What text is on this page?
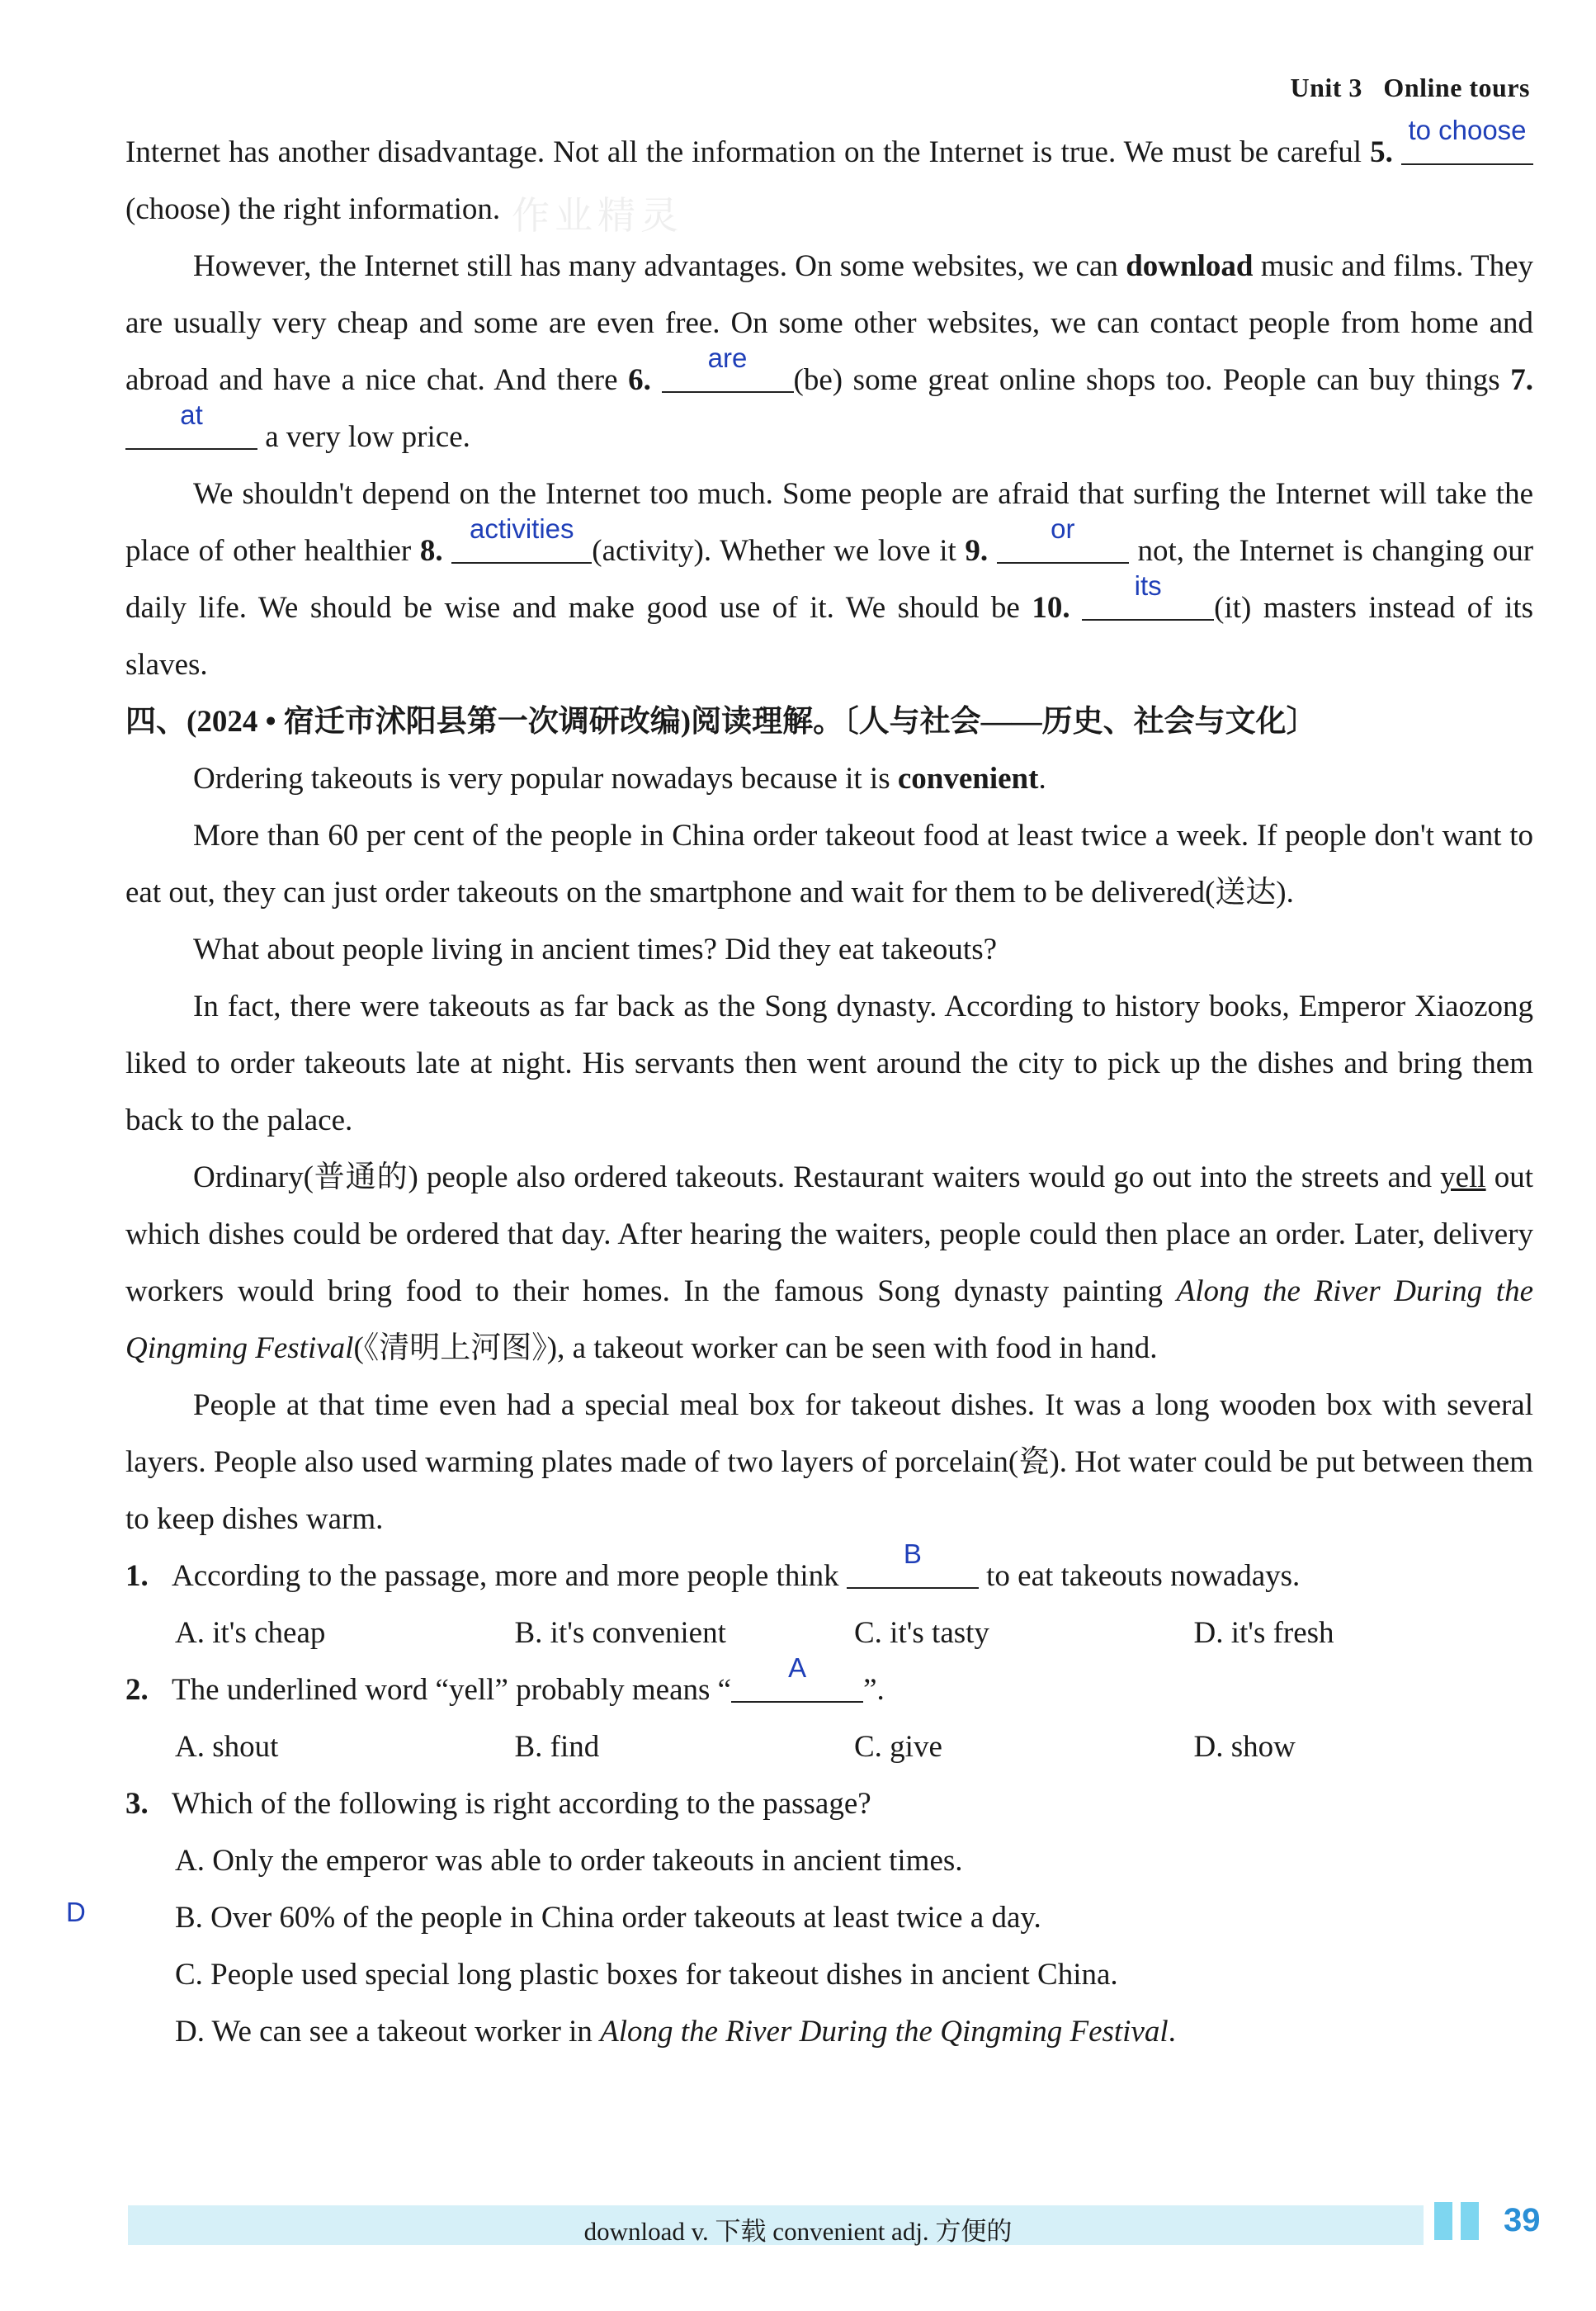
Unit 3 Online tours
作业精灵

Internet has another disadvantage. Not all the information on the Internet is true. We must be careful 5.
to choose
(choose) the right information.

However, the Internet still has many advantages. On some websites, we can download music and films. They are usually very cheap and some are even free. On some other websites, we can contact people from home and abroad and have a nice chat. And there 6.
are
(be) some great online shops too. People can buy things 7.
at
a very low price.

We shouldn't depend on the Internet too much. Some people are afraid that surfing the Internet will take the place of other healthier 8.
activities
(activity). Whether we love it 9.
or
not, the Internet is changing our daily life. We should be wise and make good use of it. We should be 10.
its
(it) masters instead of its slaves.

四、(2024 • 宿迁市沭阳县第一次调研改编)阅读理解。〔人与社会——历史、社会与文化〕

Ordering takeouts is very popular nowadays because it is convenient.

More than 60 per cent of the people in China order takeout food at least twice a week. If people don't want to eat out, they can just order takeouts on the smartphone and wait for them to be delivered(送达).

What about people living in ancient times? Did they eat takeouts?

In fact, there were takeouts as far back as the Song dynasty. According to history books, Emperor Xiaozong liked to order takeouts late at night. His servants then went around the city to pick up the dishes and bring them back to the palace.

Ordinary(普通的) people also ordered takeouts. Restaurant waiters would go out into the streets and yell out which dishes could be ordered that day. After hearing the waiters, people could then place an order. Later, delivery workers would bring food to their homes. In the famous Song dynasty painting Along the River During the Qingming Festival(《清明上河图》), a takeout worker can be seen with food in hand.

People at that time even had a special meal box for takeout dishes. It was a long wooden box with several layers. People also used warming plates made of two layers of porcelain(瓷). Hot water could be put between them to keep dishes warm.

1. According to the passage, more and more people think
B
to eat takeouts nowadays.
A. it's cheap	B. it's convenient	C. it's tasty	D. it's fresh
2. The underlined word “yell” probably means “
A
”.
A. shout	B. find	C. give	D. show
3. Which of the following is right according to the passage?
A. Only the emperor was able to order takeouts in ancient times.
B. Over 60% of the people in China order takeouts at least twice a day.
C. People used special long plastic boxes for takeout dishes in ancient China.
D. We can see a takeout worker in Along the River During the Qingming Festival.
D
download v. 下载 convenient adj. 方便的	39
